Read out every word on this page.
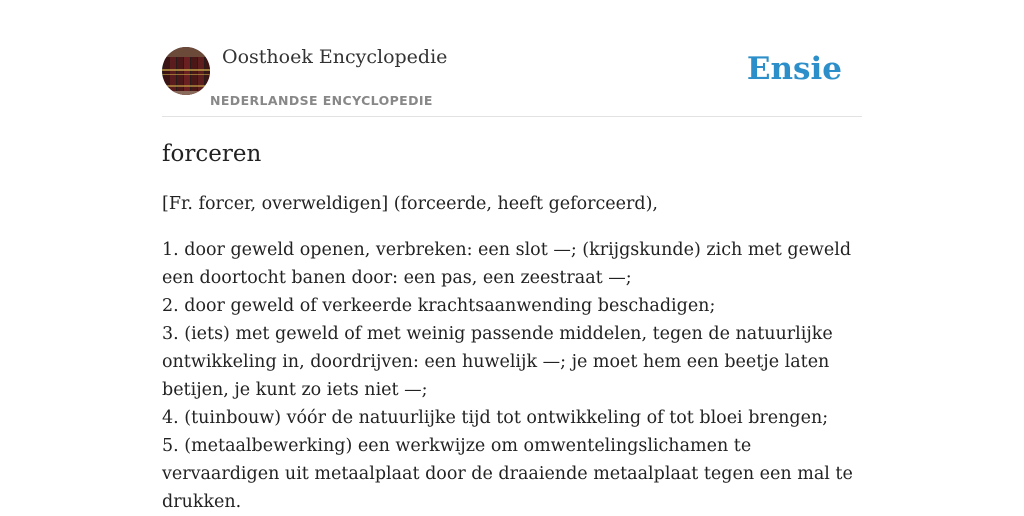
Oosthoek Encyclopedie
NEDERLANDSE ENCYCLOPEDIE
Ensie
forceren

[Fr. forcer, overweldigen] (forceerde, heeft geforceerd),

1. door geweld openen, verbreken: een slot —; (krijgskunde) zich met geweld een doortocht banen door: een pas, een zeestraat —;
2. door geweld of verkeerde krachtsaanwending beschadigen;
3. (iets) met geweld of met weinig passende middelen, tegen de natuurlijke ontwikkeling in, doordrijven: een huwelijk —; je moet hem een beetje laten betijen, je kunt zo iets niet —;
4. (tuinbouw) vóór de natuurlijke tijd tot ontwikkeling of tot bloei brengen;
5. (metaalbewerking) een werkwijze om omwentelingslichamen te vervaardigen uit metaalplaat door de draaiende metaalplaat tegen een mal te drukken.
